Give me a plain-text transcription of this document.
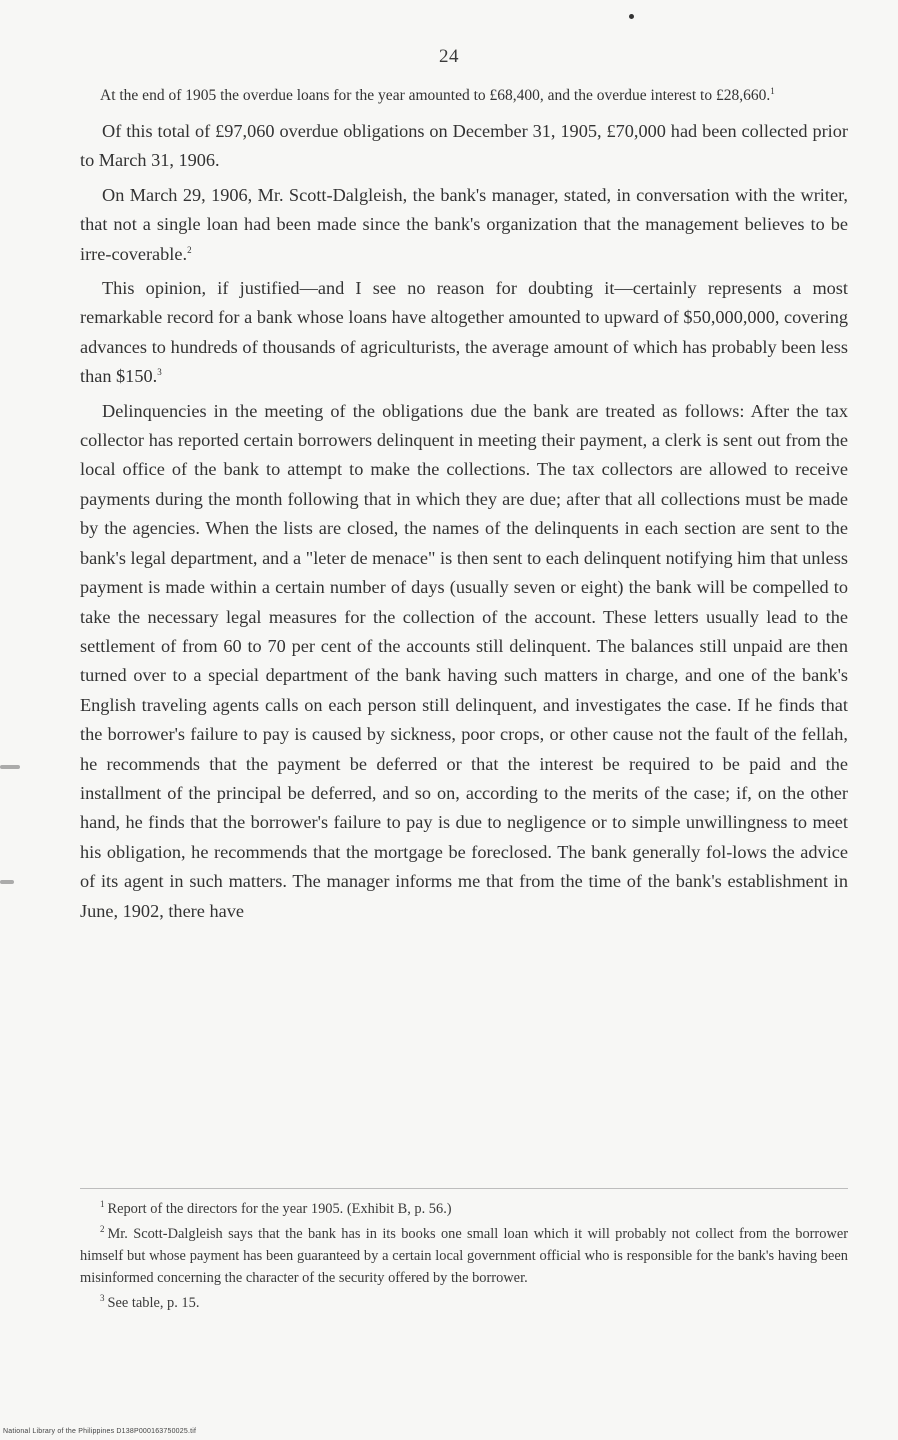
24

At the end of 1905 the overdue loans for the year amounted to £68,400, and the overdue interest to £28,660.$^1$

Of this total of £97,060 overdue obligations on December 31, 1905, £70,000 had been collected prior to March 31, 1906.

On March 29, 1906, Mr. Scott-Dalgleish, the bank's manager, stated, in conversation with the writer, that not a single loan had been made since the bank's organization that the management believes to be irre-coverable.$^2$

This opinion, if justified—and I see no reason for doubting it—certainly represents a most remarkable record for a bank whose loans have altogether amounted to upward of $50,000,000, covering advances to hundreds of thousands of agriculturists, the average amount of which has probably been less than $150.$^3$

Delinquencies in the meeting of the obligations due the bank are treated as follows: After the tax collector has reported certain borrowers delinquent in meeting their payment, a clerk is sent out from the local office of the bank to attempt to make the collections. The tax collectors are allowed to receive payments during the month following that in which they are due; after that all collections must be made by the agencies. When the lists are closed, the names of the delinquents in each section are sent to the bank's legal department, and a "leter de menace" is then sent to each delinquent notifying him that unless payment is made within a certain number of days (usually seven or eight) the bank will be compelled to take the necessary legal measures for the collection of the account. These letters usually lead to the settlement of from 60 to 70 per cent of the accounts still delinquent. The balances still unpaid are then turned over to a special department of the bank having such matters in charge, and one of the bank's English traveling agents calls on each person still delinquent, and investigates the case. If he finds that the borrower's failure to pay is caused by sickness, poor crops, or other cause not the fault of the fellah, he recommends that the payment be deferred or that the interest be required to be paid and the installment of the principal be deferred, and so on, according to the merits of the case; if, on the other hand, he finds that the borrower's failure to pay is due to negligence or to simple unwillingness to meet his obligation, he recommends that the mortgage be foreclosed. The bank generally fol-lows the advice of its agent in such matters. The manager informs me that from the time of the bank's establishment in June, 1902, there have

$^1$ Report of the directors for the year 1905. (Exhibit B, p. 56.)

$^2$ Mr. Scott-Dalgleish says that the bank has in its books one small loan which it will probably not collect from the borrower himself but whose payment has been guaranteed by a certain local government official who is responsible for the bank's having been misinformed concerning the character of the security offered by the borrower.

$^3$ See table, p. 15.

National Library of the Philippines D138P000163750025.tif
